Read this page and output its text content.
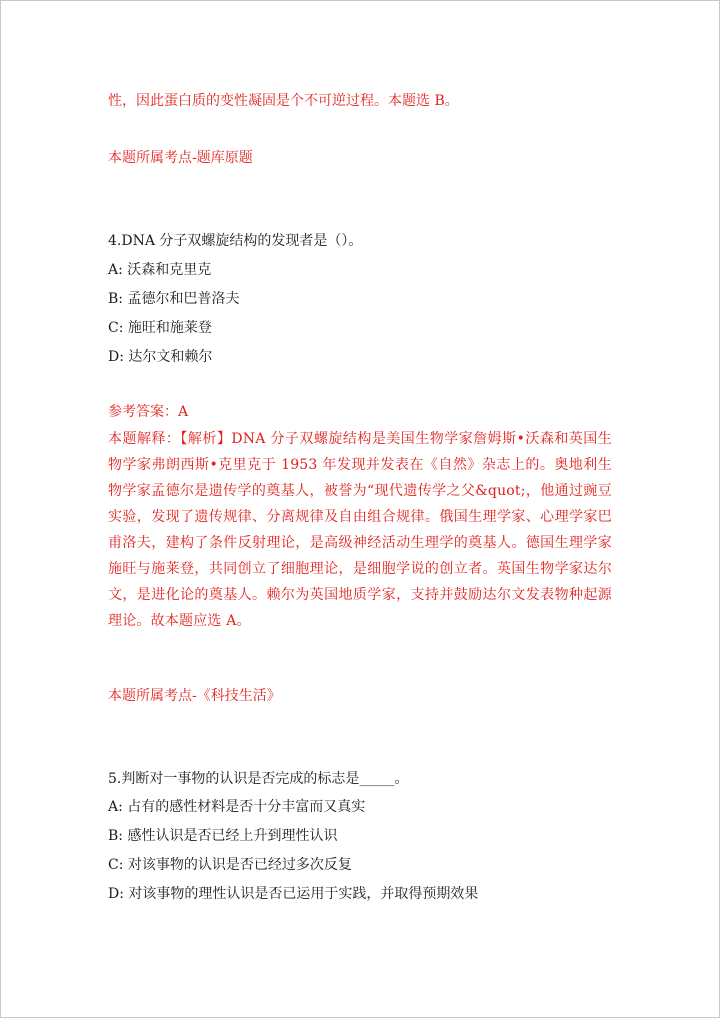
性，因此蛋白质的变性凝固是个不可逆过程。本题选 B。
本题所属考点-题库原题
4.DNA 分子双螺旋结构的发现者是（）。
A: 沃森和克里克
B: 孟德尔和巴普洛夫
C: 施旺和施莱登
D: 达尔文和赖尔
参考答案：A
本题解释：【解析】DNA 分子双螺旋结构是美国生物学家詹姆斯•沃森和英国生物学家弗朗西斯•克里克于 1953 年发现并发表在《自然》杂志上的。奥地利生物学家孟德尔是遗传学的奠基人，被誉为“现代遗传学之父&quot;，他通过豌豆实验，发现了遗传规律、分离规律及自由组合规律。俄国生理学家、心理学家巴甫洛夫，建构了条件反射理论，是高级神经活动生理学的奠基人。德国生理学家施旺与施莱登，共同创立了细胞理论，是细胞学说的创立者。英国生物学家达尔文，是进化论的奠基人。赖尔为英国地质学家，支持并鼓励达尔文发表物种起源理论。故本题应选 A。
本题所属考点-《科技生活》
5.判断对一事物的认识是否完成的标志是_____。
A: 占有的感性材料是否十分丰富而又真实
B: 感性认识是否已经上升到理性认识
C: 对该事物的认识是否已经过多次反复
D: 对该事物的理性认识是否已运用于实践，并取得预期效果
